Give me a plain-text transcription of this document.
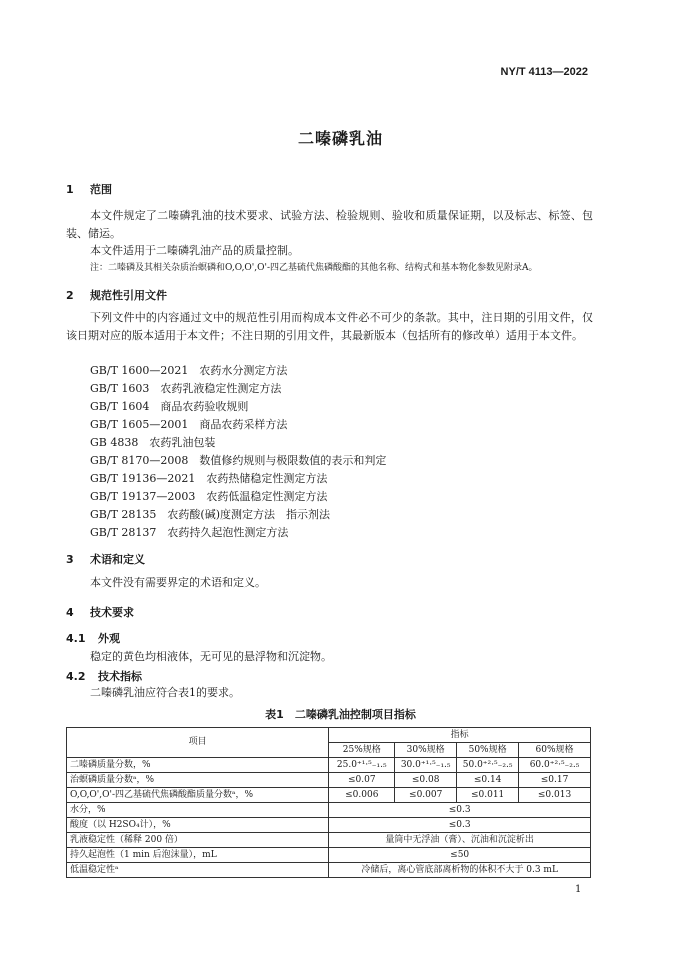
NY/T 4113—2022
二嗪磷乳油
1 范围

本文件规定了二嗪磷乳油的技术要求、试验方法、检验规则、验收和质量保证期，以及标志、标签、包装、储运。

本文件适用于二嗪磷乳油产品的质量控制。

注：二嗪磷及其相关杂质治螟磷和O,O,O',O'-四乙基硫代焦磷酸酯的其他名称、结构式和基本物化参数见附录A。
2 规范性引用文件

下列文件中的内容通过文中的规范性引用而构成本文件必不可少的条款。其中，注日期的引用文件，仅该日期对应的版本适用于本文件；不注日期的引用文件，其最新版本（包括所有的修改单）适用于本文件。

GB/T 1600—2021　 农药水分测定方法
GB/T 1603　 农药乳液稳定性测定方法
GB/T 1604　 商品农药验收规则
GB/T 1605—2001　 商品农药采样方法
GB 4838　 农药乳油包装
GB/T 8170—2008　 数值修约规则与极限数值的表示和判定
GB/T 19136—2021　 农药热储稳定性测定方法
GB/T 19137—2003　 农药低温稳定性测定方法
GB/T 28135　 农药酸(碱)度测定方法　指示剂法
GB/T 28137　 农药持久起泡性测定方法
3 术语和定义

本文件没有需要界定的术语和定义。

4 技术要求
4.1 外观

稳定的黄色均相液体，无可见的悬浮物和沉淀物。

4.2 技术指标

二嗪磷乳油应符合表1的要求。

表1　二嗪磷乳油控制项目指标
项目	指标			
	25%规格	30%规格	50%规格	60%规格
二嗪磷质量分数，%	25.0⁺¹·⁵₋₁.₅	30.0⁺¹·⁵₋₁.₅	50.0⁺²·⁵₋₂.₅	60.0⁺²·⁵₋₂.₅
治螟磷质量分数ᵃ，%	≤0.07	≤0.08	≤0.14	≤0.17
O,O,O',O'-四乙基硫代焦磷酸酯质量分数ᵃ，%	≤0.006	≤0.007	≤0.011	≤0.013
水分，%	≤0.3			
酸度（以 H2SO₄计），%	≤0.3			
乳液稳定性（稀释 200 倍）	量筒中无浮油（膏）、沉油和沉淀析出			
持久起泡性（1 min 后泡沫量），mL	≤50			
低温稳定性ᵃ	冷储后，离心管底部离析物的体积不大于 0.3 mL			
1
